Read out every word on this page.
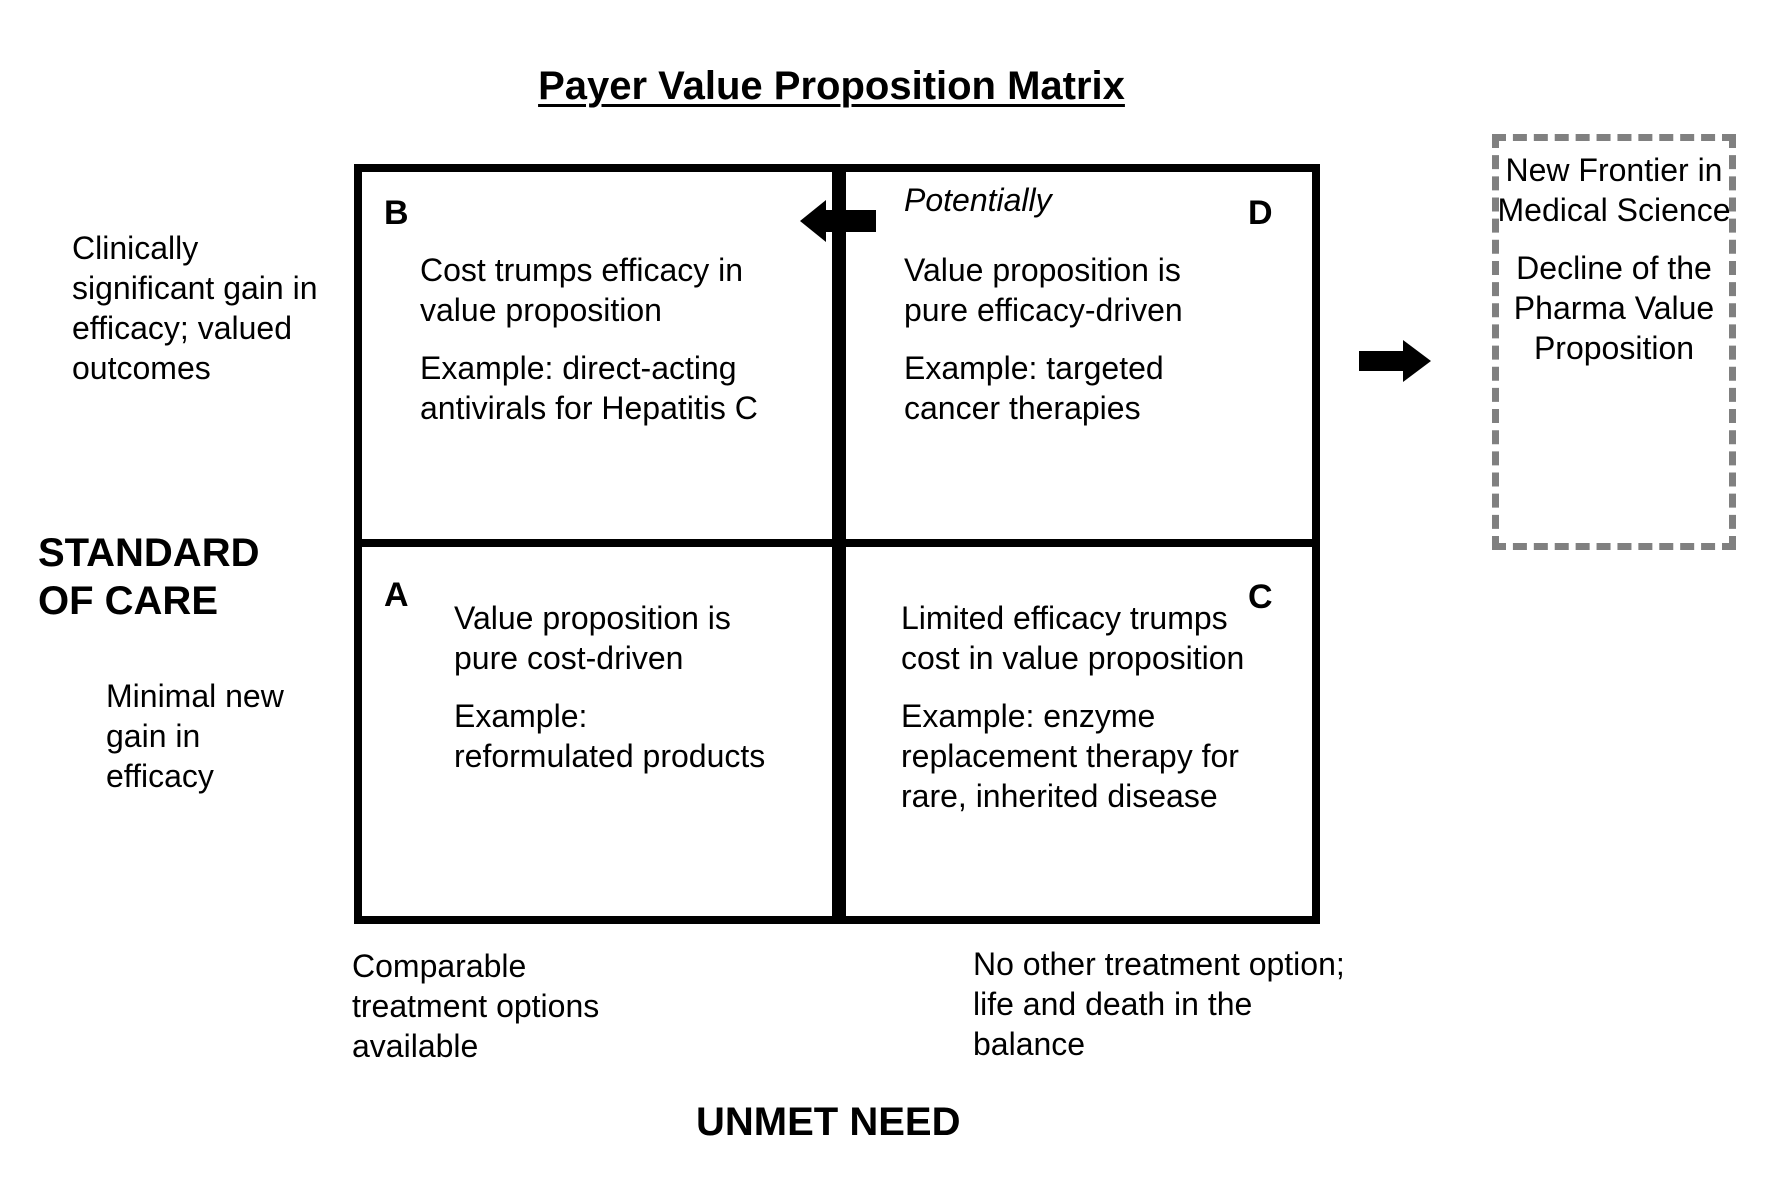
Payer Value Proposition Matrix
Clinically significant gain in efficacy; valued outcomes
STANDARD OF CARE
Minimal new gain in efficacy
B

Cost trumps efficacy in value proposition

Example: direct-acting antivirals for Hepatitis C

Potentially	D

Value proposition is pure efficacy-driven

Example: targeted cancer therapies

A

Value proposition is pure cost-driven

Example: reformulated products

C

Limited efficacy trumps cost in value proposition

Example: enzyme replacement therapy for rare, inherited disease

New Frontier in Medical Science

Decline of the Pharma Value Proposition

Comparable treatment options available
No other treatment option; life and death in the balance
UNMET NEED
